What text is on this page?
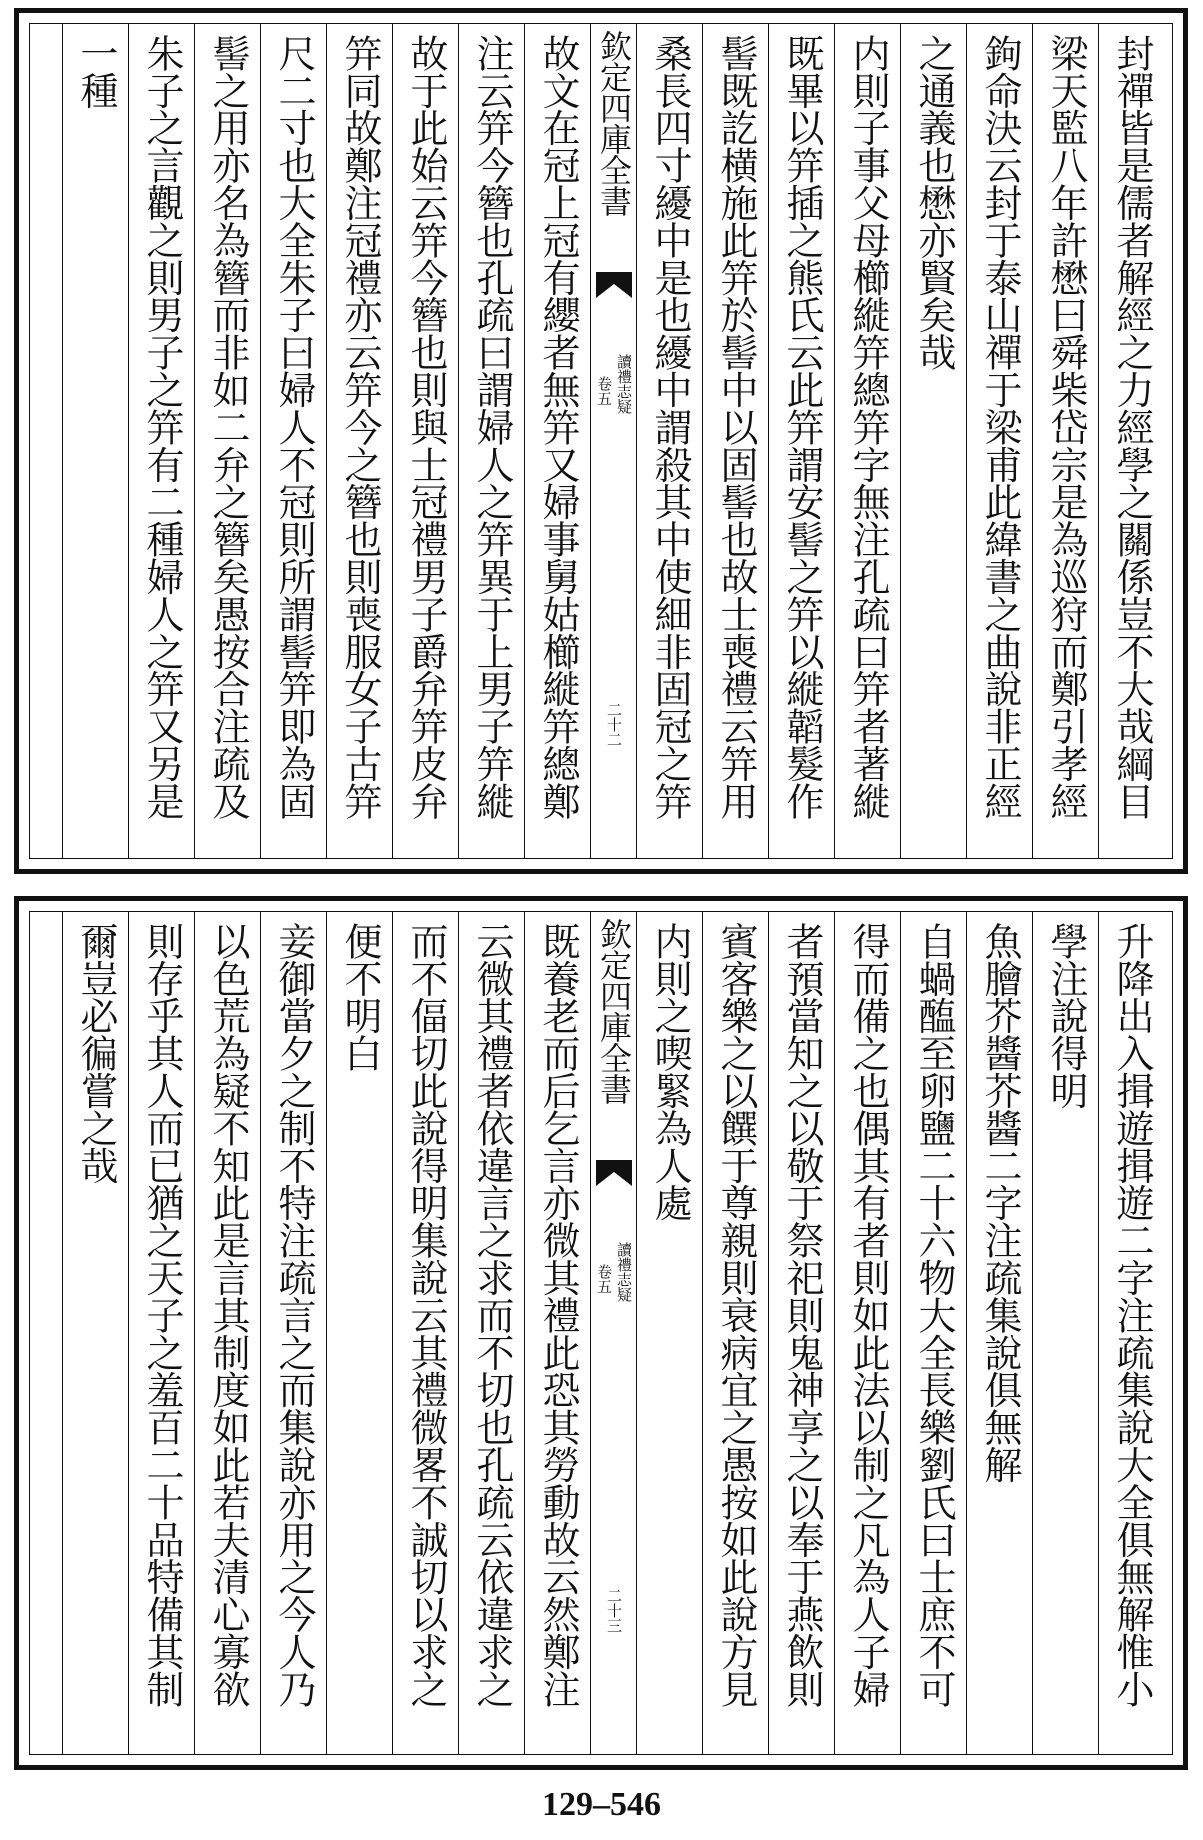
封禪皆是儒者解經之力經學之關係豈不大哉綱目
梁天監八年許懋曰舜柴岱宗是為巡狩而鄭引孝經
鉤命決云封于泰山禪于梁甫此緯書之曲說非正經
之通義也懋亦賢矣哉
内則子事父母櫛縰笄總笄字無注孔疏曰笄者著縰
既畢以笄插之熊氏云此笄謂安髻之笄以縰韜髮作
髻既訖横施此笄於髻中以固髻也故士喪禮云笄用
桑長四寸纋中是也纋中謂殺其中使細非固冠之笄
欽定四庫全書
讀禮志疑
卷五
二十二
故文在冠上冠有纓者無笄又婦事舅姑櫛縰笄總鄭
注云笄今簪也孔疏曰謂婦人之笄異于上男子笄縰
故于此始云笄今簪也則與士冠禮男子爵弁笄皮弁
笄同故鄭注冠禮亦云笄今之簪也則喪服女子古笄
尺二寸也大全朱子曰婦人不冠則所謂髻笄即為固
髻之用亦名為簪而非如二弁之簪矣愚按合注疏及
朱子之言觀之則男子之笄有二種婦人之笄又另是
一種
升降出入揖遊揖遊二字注疏集說大全俱無解惟小
學注說得明
魚膾芥醬芥醬二字注疏集說俱無解
自蝸醢至卵鹽二十六物大全長樂劉氏曰士庶不可
得而備之也偶其有者則如此法以制之凡為人子婦
者預當知之以敬于祭祀則鬼神享之以奉于燕飲則
賓客樂之以饌于尊親則衰病宜之愚按如此說方見
内則之喫緊為人處
欽定四庫全書
讀禮志疑
卷五
二十三
既養老而后乞言亦微其禮此恐其勞動故云然鄭注
云微其禮者依違言之求而不切也孔疏云依違求之
而不偪切此說得明集說云其禮微畧不誠切以求之
便不明白
妾御當夕之制不特注疏言之而集說亦用之今人乃
以色荒為疑不知此是言其制度如此若夫清心寡欲
則存乎其人而已猶之天子之羞百二十品特備其制
爾豈必徧嘗之哉
129–546
